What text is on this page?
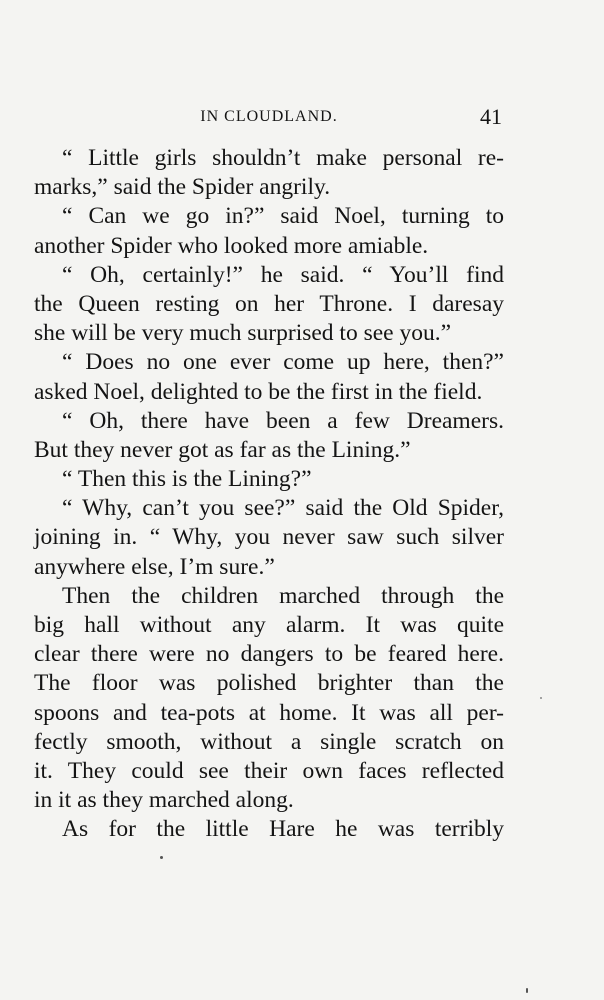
IN CLOUDLAND.	41
“ Little girls shouldn’t make personal re-
marks,” said the Spider angrily.
“ Can we go in?” said Noel, turning to
another Spider who looked more amiable.
“ Oh, certainly!” he said. “ You’ll find
the Queen resting on her Throne. I daresay
she will be very much surprised to see you.”
“ Does no one ever come up here, then?”
asked Noel, delighted to be the first in the field.
“ Oh, there have been a few Dreamers.
But they never got as far as the Lining.”
“ Then this is the Lining?”
“ Why, can’t you see?” said the Old Spider,
joining in. “ Why, you never saw such silver
anywhere else, I’m sure.”
Then the children marched through the
big hall without any alarm. It was quite
clear there were no dangers to be feared here.
The floor was polished brighter than the
spoons and tea-pots at home. It was all per-
fectly smooth, without a single scratch on
it. They could see their own faces reflected
in it as they marched along.
As for the little Hare he was terribly
